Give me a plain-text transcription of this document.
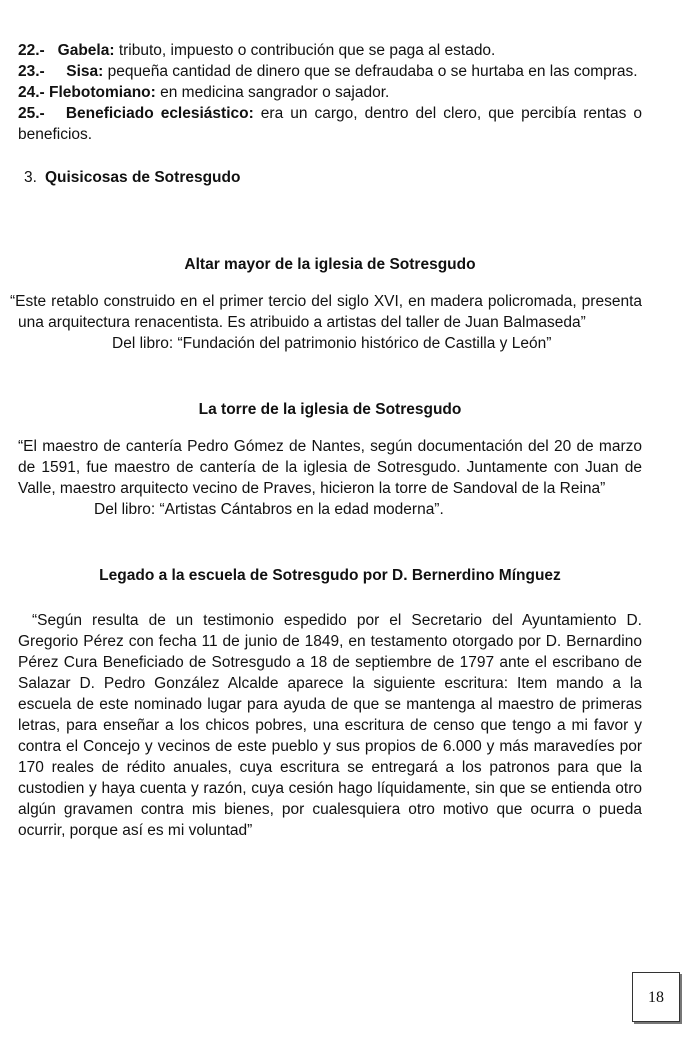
22.- Gabela: tributo, impuesto o contribución que se paga al estado.

23.- Sisa: pequeña cantidad de dinero que se defraudaba o se hurtaba en las compras.

24.- Flebotomiano: en medicina sangrador o sajador.

25.- Beneficiado eclesiástico: era un cargo, dentro del clero, que percibía rentas o beneficios.

3. Quisicosas de Sotresgudo

Altar mayor de la iglesia de Sotresgudo

“Este retablo construido en el primer tercio del siglo XVI, en madera policromada, presenta una arquitectura renacentista. Es atribuido a artistas del taller de Juan Balmaseda”

Del libro: “Fundación del patrimonio histórico de Castilla y León”

La torre de la iglesia de Sotresgudo

“El maestro de cantería Pedro Gómez de Nantes, según documentación del 20 de marzo de 1591, fue maestro de cantería de la iglesia de Sotresgudo. Juntamente con Juan de Valle, maestro arquitecto vecino de Praves, hicieron la torre de Sandoval de la Reina”

Del libro: “Artistas Cántabros en la edad moderna”.

Legado a la escuela de Sotresgudo por D. Bernerdino Mínguez

“Según resulta de un testimonio espedido por el Secretario del Ayuntamiento D. Gregorio Pérez con fecha 11 de junio de 1849, en testamento otorgado por D. Bernardino Pérez Cura Beneficiado de Sotresgudo a 18 de septiembre de 1797 ante el escribano de Salazar D. Pedro González Alcalde aparece la siguiente escritura: Item mando a la escuela de este nominado lugar para ayuda de que se mantenga al maestro de primeras letras, para enseñar a los chicos pobres, una escritura de censo que tengo a mi favor y contra el Concejo y vecinos de este pueblo y sus propios de 6.000 y más maravedíes por 170 reales de rédito anuales, cuya escritura se entregará a los patronos para que la custodien y haya cuenta y razón, cuya cesión hago líquidamente, sin que se entienda otro algún gravamen contra mis bienes, por cualesquiera otro motivo que ocurra o pueda ocurrir, porque así es mi voluntad”

18
